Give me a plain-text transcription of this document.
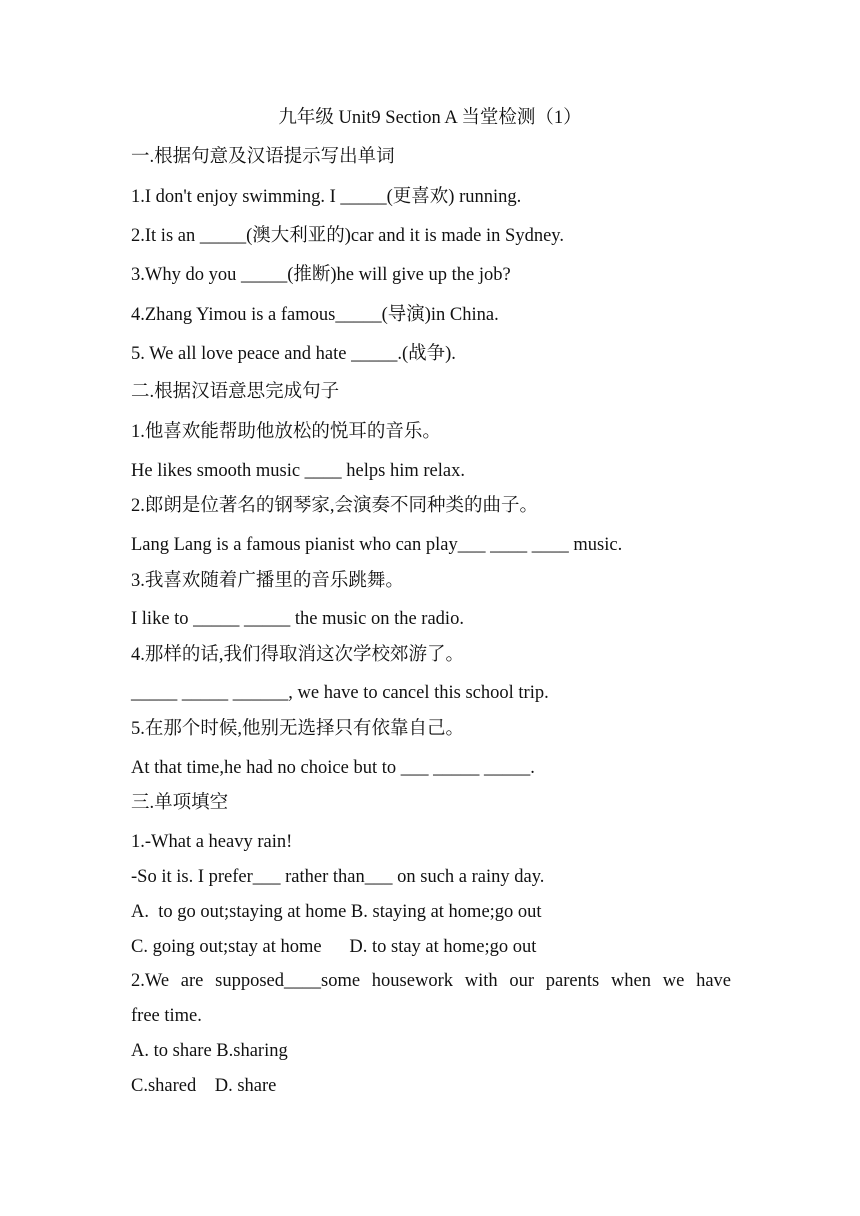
九年级 Unit9 Section A 当堂检测（1）
一.根据句意及汉语提示写出单词
1.I don't enjoy swimming. I _____(更喜欢) running.
2.It is an _____(澳大利亚的)car and it is made in Sydney.
3.Why do you _____(推断)he will give up the job?
4.Zhang Yimou is a famous_____(导演)in China.
5. We all love peace and hate _____.(战争).
二.根据汉语意思完成句子
1.他喜欢能帮助他放松的悦耳的音乐。
He likes smooth music ____ helps him relax.
2.郎朗是位著名的钢琴家,会演奏不同种类的曲子。
Lang Lang is a famous pianist who can play___ ____ ____ music.
3.我喜欢随着广播里的音乐跳舞。
I like to _____ _____ the music on the radio.
4.那样的话,我们得取消这次学校郊游了。
_____ _____ ______, we have to cancel this school trip.
5.在那个时候,他别无选择只有依靠自己。
At that time,he had no choice but to ___ _____ _____.
三.单项填空
1.-What a heavy rain!
-So it is. I prefer___ rather than___ on such a rainy day.
A.  to go out;staying at home B. staying at home;go out
C. going out;stay at home      D. to stay at home;go out
2.We are supposed____some housework with our parents when we have
free time.
A. to share B.sharing
C.shared    D. share
